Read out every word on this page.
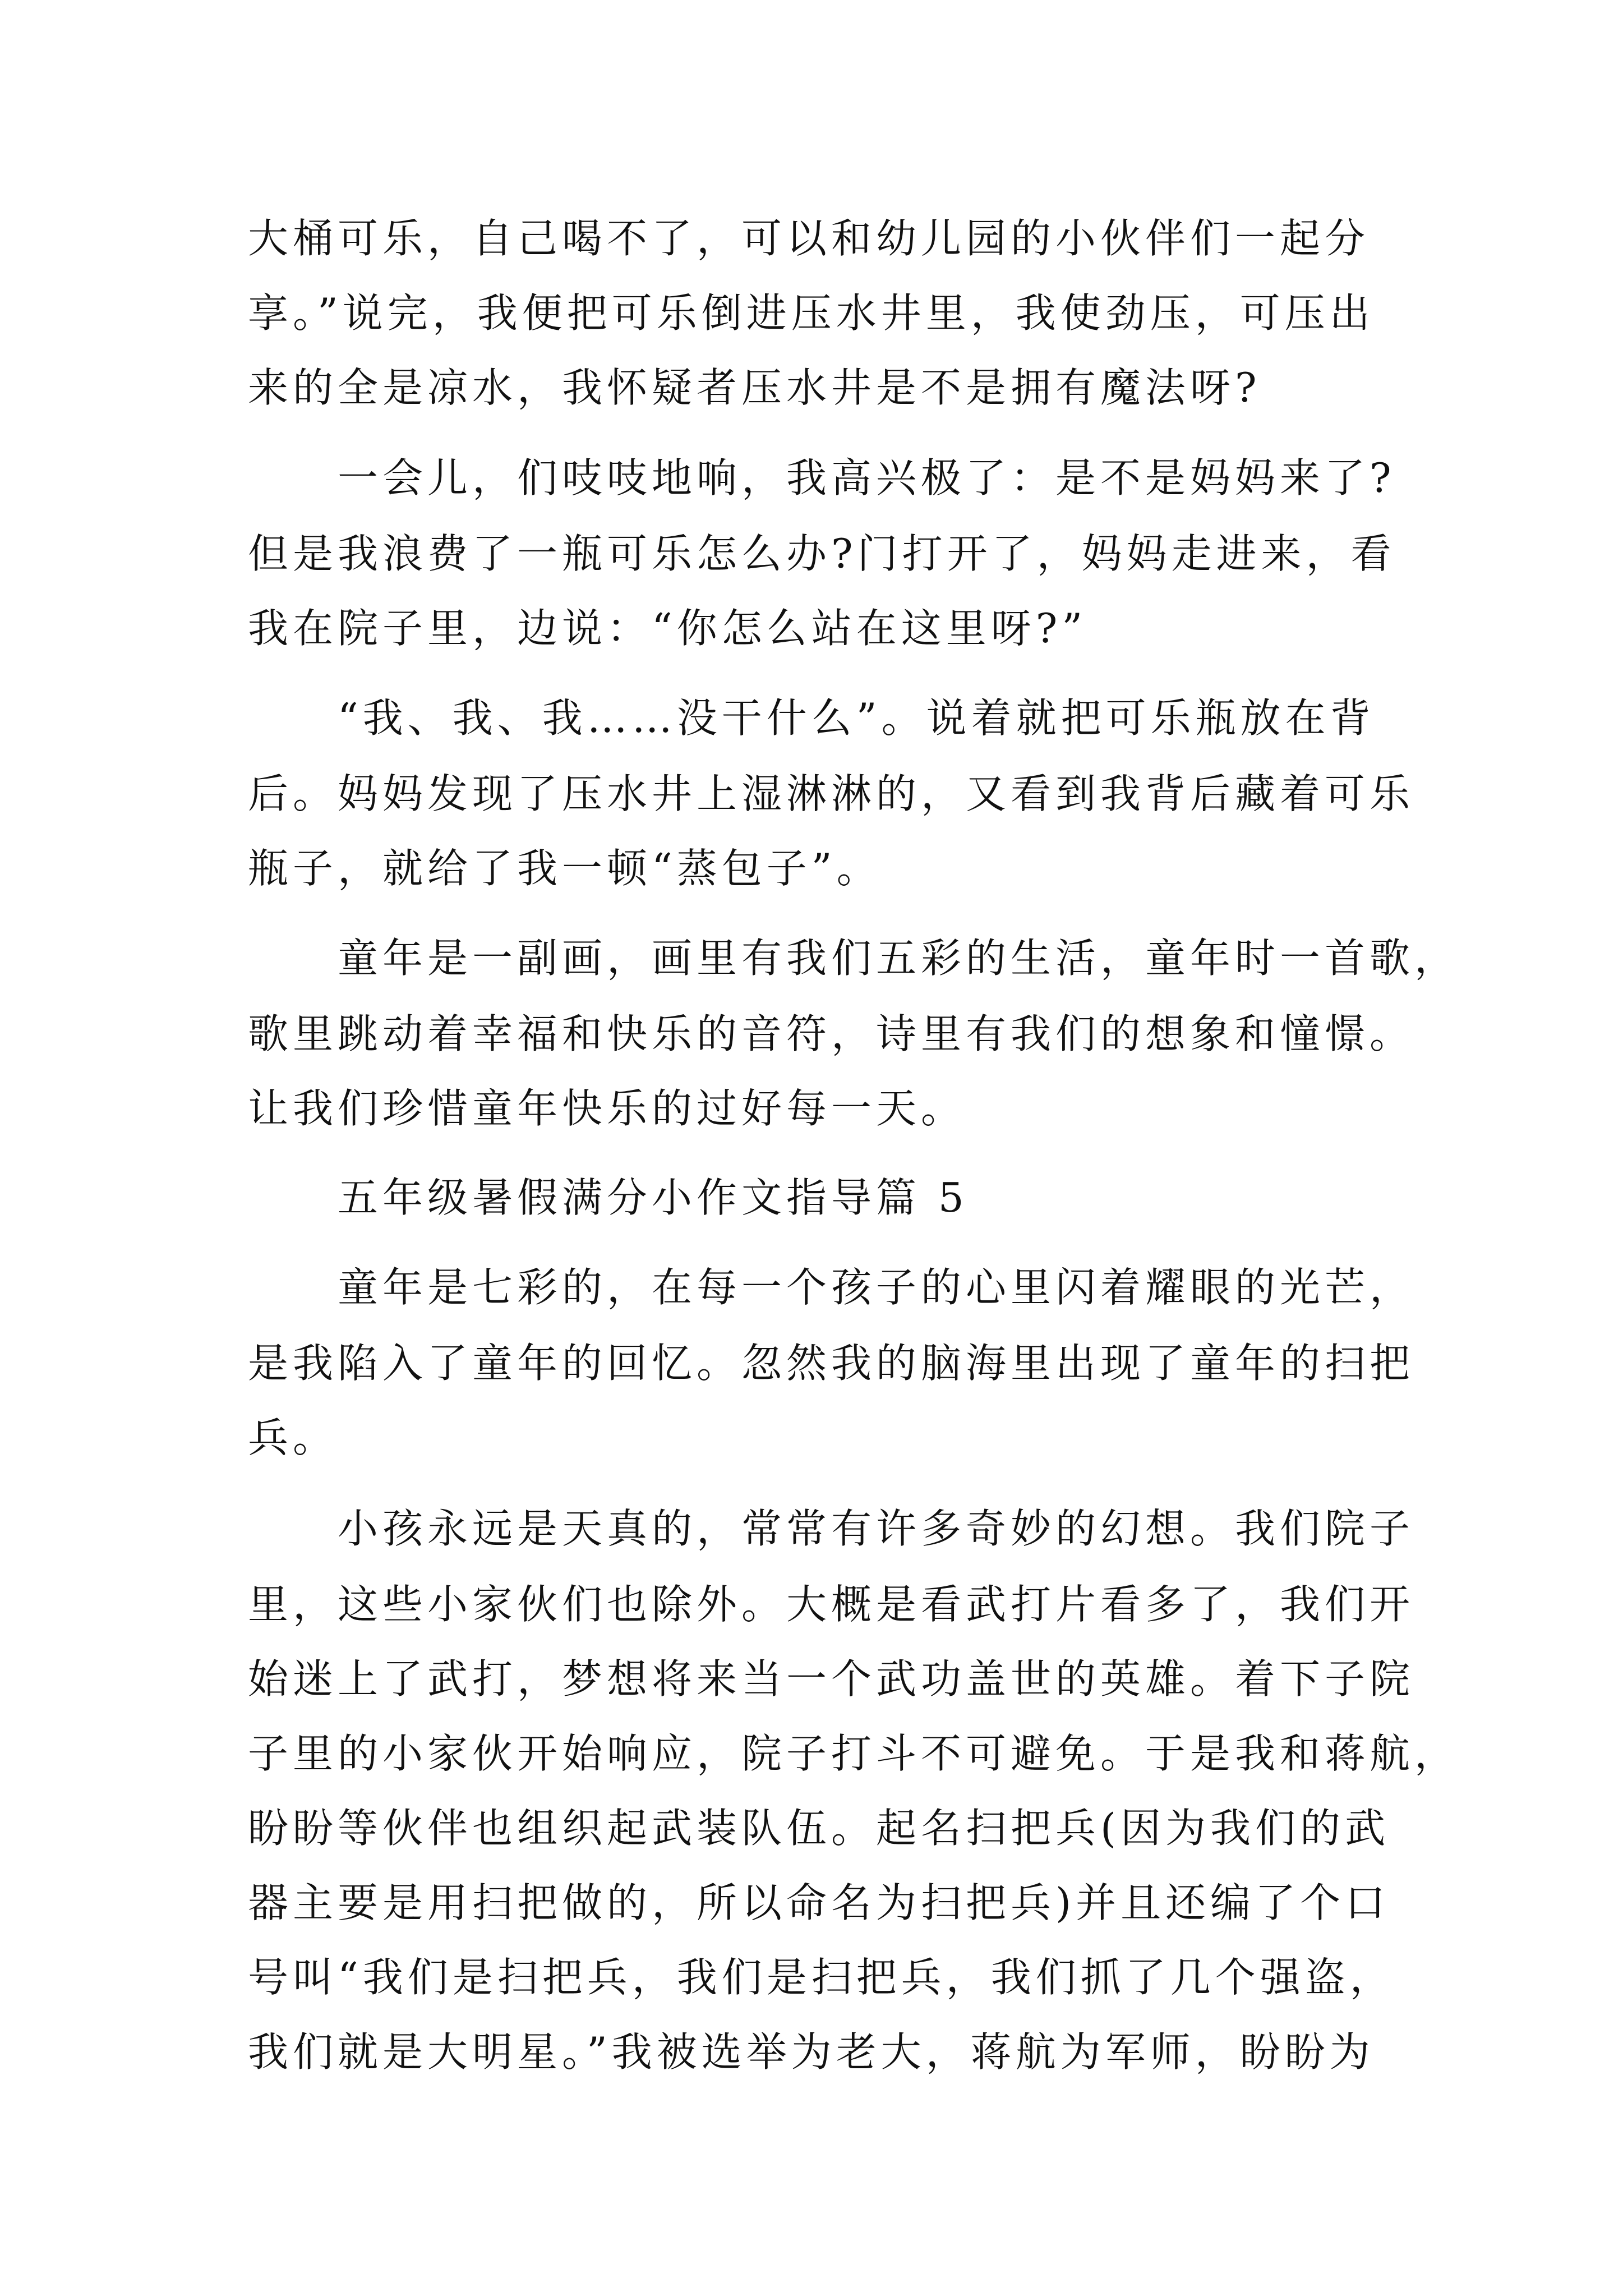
大桶可乐，自己喝不了，可以和幼儿园的小伙伴们一起分
享。”说完，我便把可乐倒进压水井里，我使劲压，可压出
来的全是凉水，我怀疑者压水井是不是拥有魔法呀?
一会儿，们吱吱地响，我高兴极了：是不是妈妈来了?
但是我浪费了一瓶可乐怎么办?门打开了，妈妈走进来，看
我在院子里，边说：“你怎么站在这里呀?”
“我、我、我……没干什么”。说着就把可乐瓶放在背
后。妈妈发现了压水井上湿淋淋的，又看到我背后藏着可乐
瓶子，就给了我一顿“蒸包子”。
童年是一副画，画里有我们五彩的生活，童年时一首歌，
歌里跳动着幸福和快乐的音符，诗里有我们的想象和憧憬。
让我们珍惜童年快乐的过好每一天。
五年级暑假满分小作文指导篇 5
童年是七彩的，在每一个孩子的心里闪着耀眼的光芒，
是我陷入了童年的回忆。忽然我的脑海里出现了童年的扫把
兵。
小孩永远是天真的，常常有许多奇妙的幻想。我们院子
里，这些小家伙们也除外。大概是看武打片看多了，我们开
始迷上了武打，梦想将来当一个武功盖世的英雄。着下子院
子里的小家伙开始响应，院子打斗不可避免。于是我和蒋航，
盼盼等伙伴也组织起武装队伍。起名扫把兵(因为我们的武
器主要是用扫把做的，所以命名为扫把兵)并且还编了个口
号叫“我们是扫把兵，我们是扫把兵，我们抓了几个强盗，
我们就是大明星。”我被选举为老大，蒋航为军师，盼盼为
